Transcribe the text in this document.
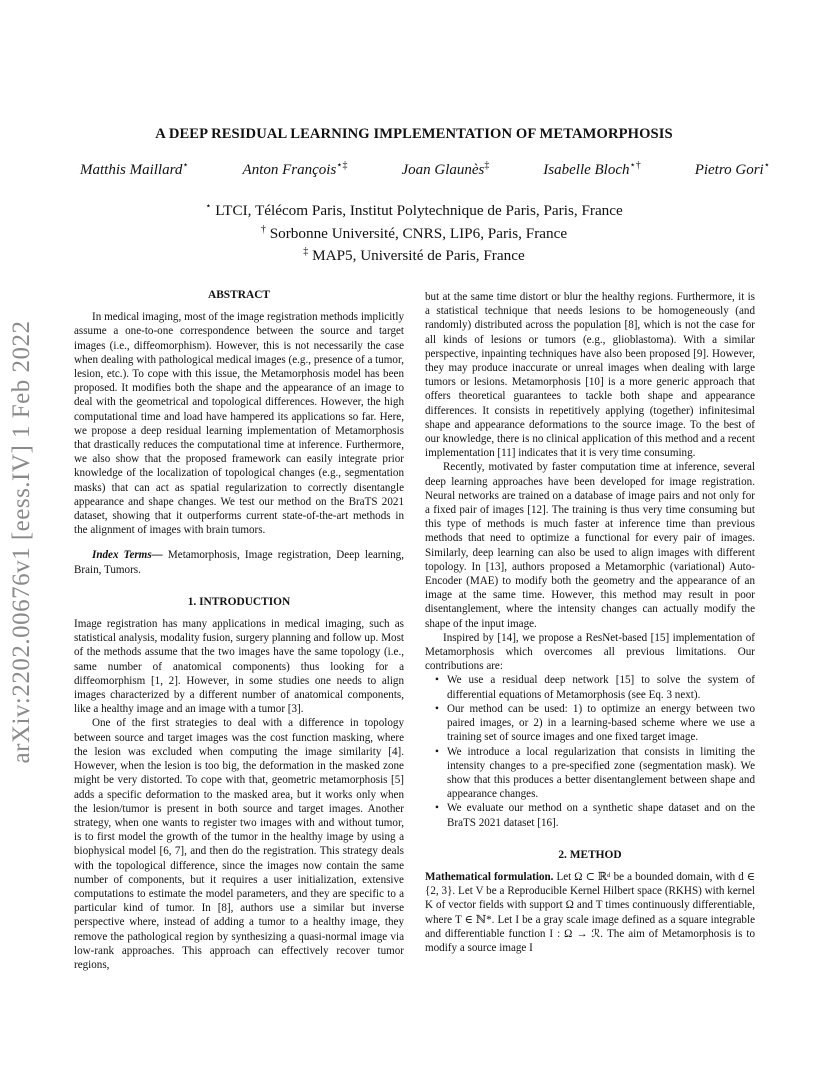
arXiv:2202.00676v1 [eess.IV] 1 Feb 2022
A DEEP RESIDUAL LEARNING IMPLEMENTATION OF METAMORPHOSIS
Matthis Maillard⋆	Anton François⋆‡	Joan Glaunès‡	Isabelle Bloch⋆†	Pietro Gori⋆
⋆ LTCI, Télécom Paris, Institut Polytechnique de Paris, Paris, France
† Sorbonne Université, CNRS, LIP6, Paris, France
‡ MAP5, Université de Paris, France
ABSTRACT

In medical imaging, most of the image registration methods implicitly assume a one-to-one correspondence between the source and target images (i.e., diffeomorphism). However, this is not necessarily the case when dealing with pathological medical images (e.g., presence of a tumor, lesion, etc.). To cope with this issue, the Metamorphosis model has been proposed. It modifies both the shape and the appearance of an image to deal with the geometrical and topological differences. However, the high computational time and load have hampered its applications so far. Here, we propose a deep residual learning implementation of Metamorphosis that drastically reduces the computational time at inference. Furthermore, we also show that the proposed framework can easily integrate prior knowledge of the localization of topological changes (e.g., segmentation masks) that can act as spatial regularization to correctly disentangle appearance and shape changes. We test our method on the BraTS 2021 dataset, showing that it outperforms current state-of-the-art methods in the alignment of images with brain tumors.

Index Terms— Metamorphosis, Image registration, Deep learning, Brain, Tumors.

1. INTRODUCTION

Image registration has many applications in medical imaging, such as statistical analysis, modality fusion, surgery planning and follow up. Most of the methods assume that the two images have the same topology (i.e., same number of anatomical components) thus looking for a diffeomorphism [1, 2]. However, in some studies one needs to align images characterized by a different number of anatomical components, like a healthy image and an image with a tumor [3].

One of the first strategies to deal with a difference in topology between source and target images was the cost function masking, where the lesion was excluded when computing the image similarity [4]. However, when the lesion is too big, the deformation in the masked zone might be very distorted. To cope with that, geometric metamorphosis [5] adds a specific deformation to the masked area, but it works only when the lesion/tumor is present in both source and target images. Another strategy, when one wants to register two images with and without tumor, is to first model the growth of the tumor in the healthy image by using a biophysical model [6, 7], and then do the registration. This strategy deals with the topological difference, since the images now contain the same number of components, but it requires a user initialization, extensive computations to estimate the model parameters, and they are specific to a particular kind of tumor. In [8], authors use a similar but inverse perspective where, instead of adding a tumor to a healthy image, they remove the pathological region by synthesizing a quasi-normal image via low-rank approaches. This approach can effectively recover tumor regions,

but at the same time distort or blur the healthy regions. Furthermore, it is a statistical technique that needs lesions to be homogeneously (and randomly) distributed across the population [8], which is not the case for all kinds of lesions or tumors (e.g., glioblastoma). With a similar perspective, inpainting techniques have also been proposed [9]. However, they may produce inaccurate or unreal images when dealing with large tumors or lesions. Metamorphosis [10] is a more generic approach that offers theoretical guarantees to tackle both shape and appearance differences. It consists in repetitively applying (together) infinitesimal shape and appearance deformations to the source image. To the best of our knowledge, there is no clinical application of this method and a recent implementation [11] indicates that it is very time consuming.

Recently, motivated by faster computation time at inference, several deep learning approaches have been developed for image registration. Neural networks are trained on a database of image pairs and not only for a fixed pair of images [12]. The training is thus very time consuming but this type of methods is much faster at inference time than previous methods that need to optimize a functional for every pair of images. Similarly, deep learning can also be used to align images with different topology. In [13], authors proposed a Metamorphic (variational) Auto-Encoder (MAE) to modify both the geometry and the appearance of an image at the same time. However, this method may result in poor disentanglement, where the intensity changes can actually modify the shape of the input image.

Inspired by [14], we propose a ResNet-based [15] implementation of Metamorphosis which overcomes all previous limitations. Our contributions are:

• We use a residual deep network [15] to solve the system of differential equations of Metamorphosis (see Eq. 3 next).
• Our method can be used: 1) to optimize an energy between two paired images, or 2) in a learning-based scheme where we use a training set of source images and one fixed target image.
• We introduce a local regularization that consists in limiting the intensity changes to a pre-specified zone (segmentation mask). We show that this produces a better disentanglement between shape and appearance changes.
• We evaluate our method on a synthetic shape dataset and on the BraTS 2021 dataset [16].
2. METHOD

Mathematical formulation. Let Ω ⊂ ℝᵈ be a bounded domain, with d ∈ {2, 3}. Let V be a Reproducible Kernel Hilbert space (RKHS) with kernel K of vector fields with support Ω and T times continuously differentiable, where T ∈ ℕ*. Let I be a gray scale image defined as a square integrable and differentiable function I : Ω → ℛ. The aim of Metamorphosis is to modify a source image I
